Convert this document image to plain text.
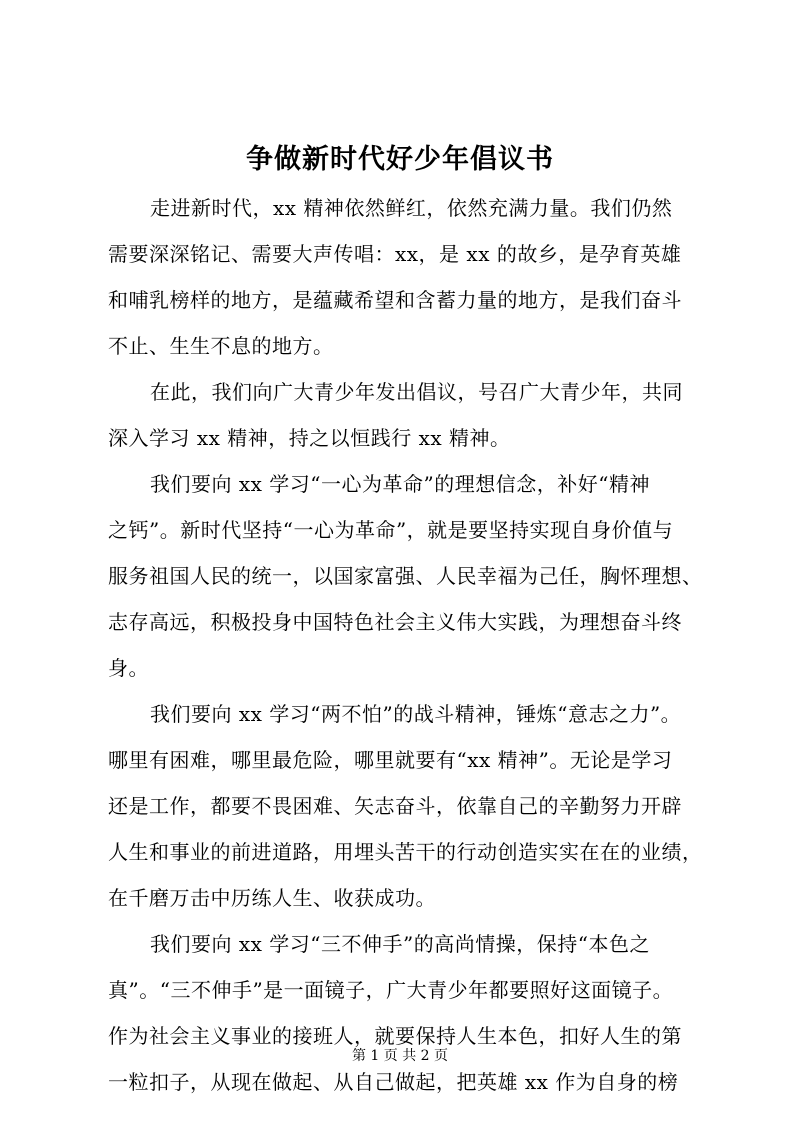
争做新时代好少年倡议书
走进新时代，xx 精神依然鲜红，依然充满力量。我们仍然
需要深深铭记、需要大声传唱：xx，是 xx 的故乡，是孕育英雄
和哺乳榜样的地方，是蕴藏希望和含蓄力量的地方，是我们奋斗
不止、生生不息的地方。
在此，我们向广大青少年发出倡议，号召广大青少年，共同
深入学习 xx 精神，持之以恒践行 xx 精神。
我们要向 xx 学习“一心为革命”的理想信念，补好“精神
之钙”。新时代坚持“一心为革命”，就是要坚持实现自身价值与
服务祖国人民的统一，以国家富强、人民幸福为己任，胸怀理想、
志存高远，积极投身中国特色社会主义伟大实践，为理想奋斗终
身。
我们要向 xx 学习“两不怕”的战斗精神，锤炼“意志之力”。
哪里有困难，哪里最危险，哪里就要有“xx 精神”。无论是学习
还是工作，都要不畏困难、矢志奋斗，依靠自己的辛勤努力开辟
人生和事业的前进道路，用埋头苦干的行动创造实实在在的业绩，
在千磨万击中历练人生、收获成功。
我们要向 xx 学习“三不伸手”的高尚情操，保持“本色之
真”。“三不伸手”是一面镜子，广大青少年都要照好这面镜子。
作为社会主义事业的接班人，就要保持人生本色，扣好人生的第
一粒扣子，从现在做起、从自己做起，把英雄 xx 作为自身的榜
第 1 页 共 2 页
